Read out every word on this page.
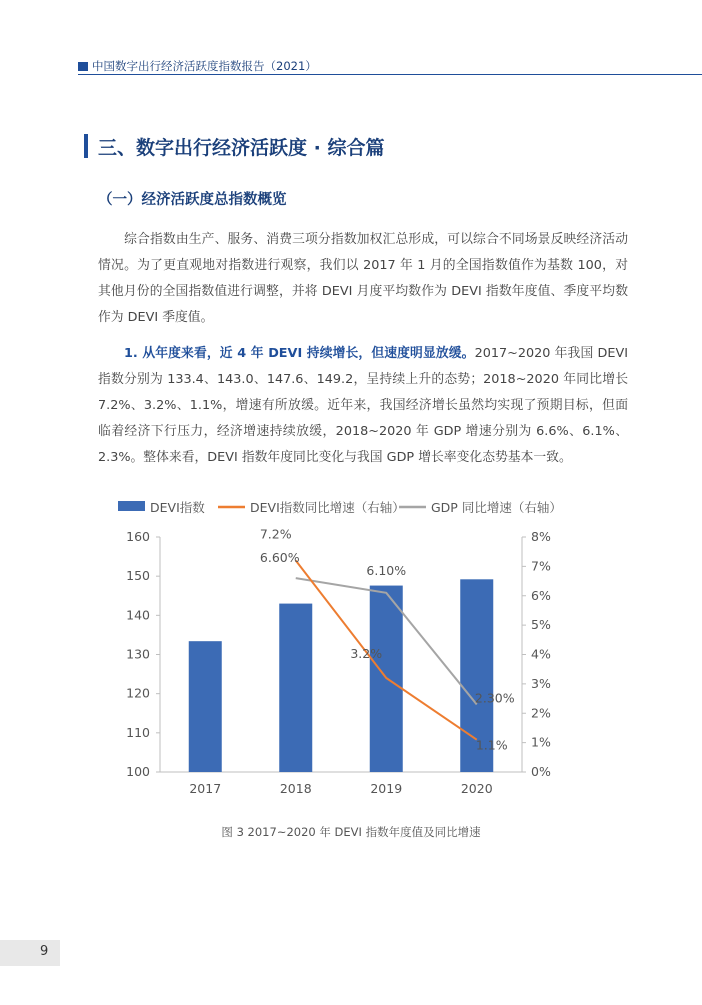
中国数字出行经济活跃度指数报告（2021）
三、数字出行经济活跃度 · 综合篇
（一）经济活跃度总指数概览
综合指数由生产、服务、消费三项分指数加权汇总形成，可以综合不同场景反映经济活动情况。为了更直观地对指数进行观察，我们以 2017 年 1 月的全国指数值作为基数 100，对其他月份的全国指数值进行调整，并将 DEVI 月度平均数作为 DEVI 指数年度值、季度平均数作为 DEVI 季度值。
1. 从年度来看，近 4 年 DEVI 持续增长，但速度明显放缓。2017~2020 年我国 DEVI 指数分别为 133.4、143.0、147.6、149.2，呈持续上升的态势；2018~2020 年同比增长 7.2%、3.2%、1.1%，增速有所放缓。近年来，我国经济增长虽然均实现了预期目标，但面临着经济下行压力，经济增速持续放缓，2018~2020 年 GDP 增速分别为 6.6%、6.1%、2.3%。整体来看，DEVI 指数年度同比变化与我国 GDP 增长率变化态势基本一致。
100
110
120
130
140
150
160
0%
1%
2%
3%
4%
5%
6%
7%
8%
2017	2018	2019	2020
7.2%
3.2%
1.1%
6.60%
6.10%
2.30%
DEVI指数	DEVI指数同比增速（右轴） GDP 同比增速（右轴）
图 3 2017~2020 年 DEVI 指数年度值及同比增速
9
